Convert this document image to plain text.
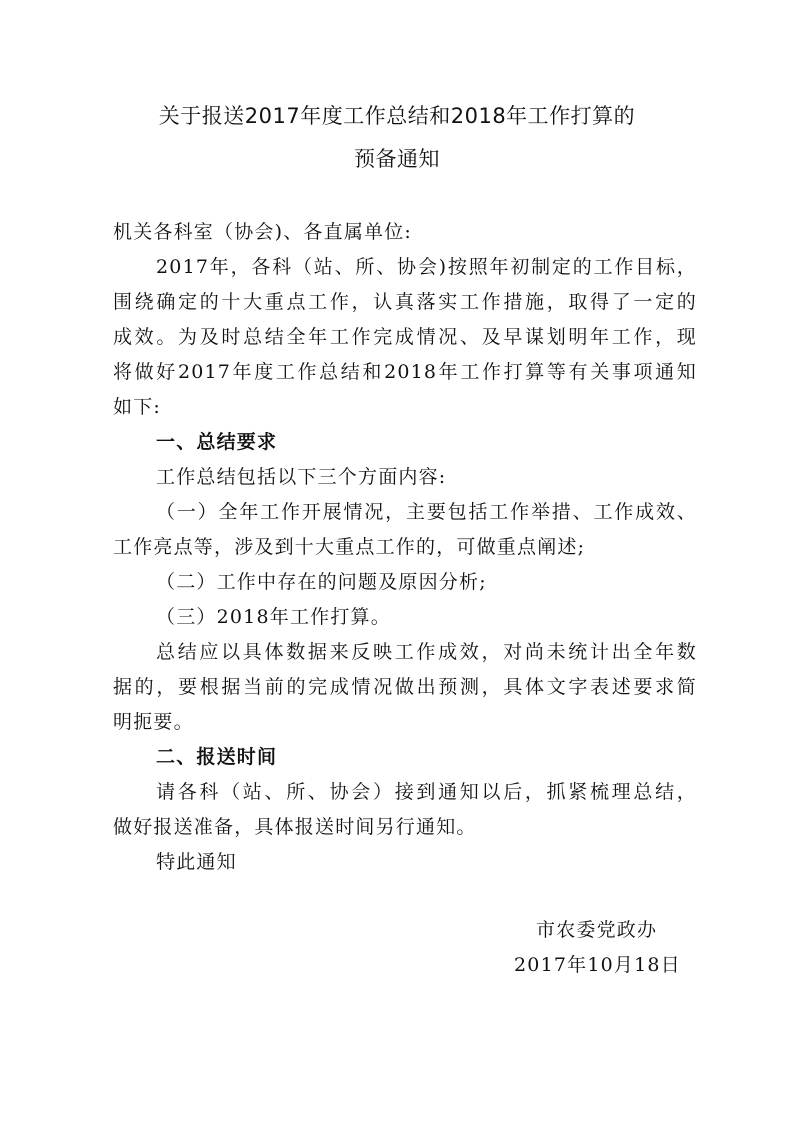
关于报送2017年度工作总结和2018年工作打算的
预备通知
机关各科室（协会)、各直属单位:
2017年，各科（站、所、协会)按照年初制定的工作目标，
围绕确定的十大重点工作，认真落实工作措施，取得了一定的
成效。为及时总结全年工作完成情况、及早谋划明年工作，现
将做好2017年度工作总结和2018年工作打算等有关事项通知
如下:
一、总结要求
工作总结包括以下三个方面内容:
（一）全年工作开展情况，主要包括工作举措、工作成效、
工作亮点等，涉及到十大重点工作的，可做重点阐述;
（二）工作中存在的问题及原因分析;
（三）2018年工作打算。
总结应以具体数据来反映工作成效，对尚未统计出全年数
据的，要根据当前的完成情况做出预测，具体文字表述要求简
明扼要。
二、报送时间
请各科（站、所、协会）接到通知以后，抓紧梳理总结，
做好报送准备，具体报送时间另行通知。
特此通知
市农委党政办
2017年10月18日
